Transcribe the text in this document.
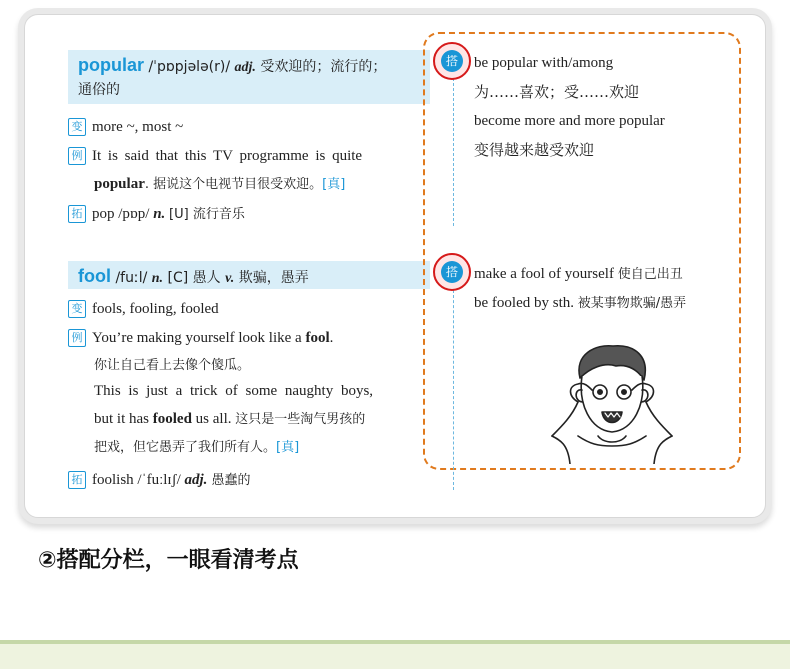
popular /ˈpɒpjələ(r)/ adj. 受欢迎的；流行的；
通俗的
变 more ~, most ~
例 It is said that this TV programme is quite
popular. 据说这个电视节目很受欢迎。[真]
拓 pop /pɒp/ n. [U] 流行音乐
fool /fuːl/ n. [C] 愚人 v. 欺骗，愚弄
变 fools, fooling, fooled
例 You’re making yourself look like a fool.
你让自己看上去像个傻瓜。
This is just a trick of some naughty boys,
but it has fooled us all. 这只是一些淘气男孩的
把戏，但它愚弄了我们所有人。[真]
拓 foolish /ˈfuːlɪʃ/ adj. 愚蠢的
搭
搭
be popular with/among
为……喜欢；受……欢迎
become more and more popular
变得越来越受欢迎
make a fool of yourself 使自己出丑
be fooled by sth. 被某事物欺骗/愚弄
②搭配分栏，一眼看清考点
